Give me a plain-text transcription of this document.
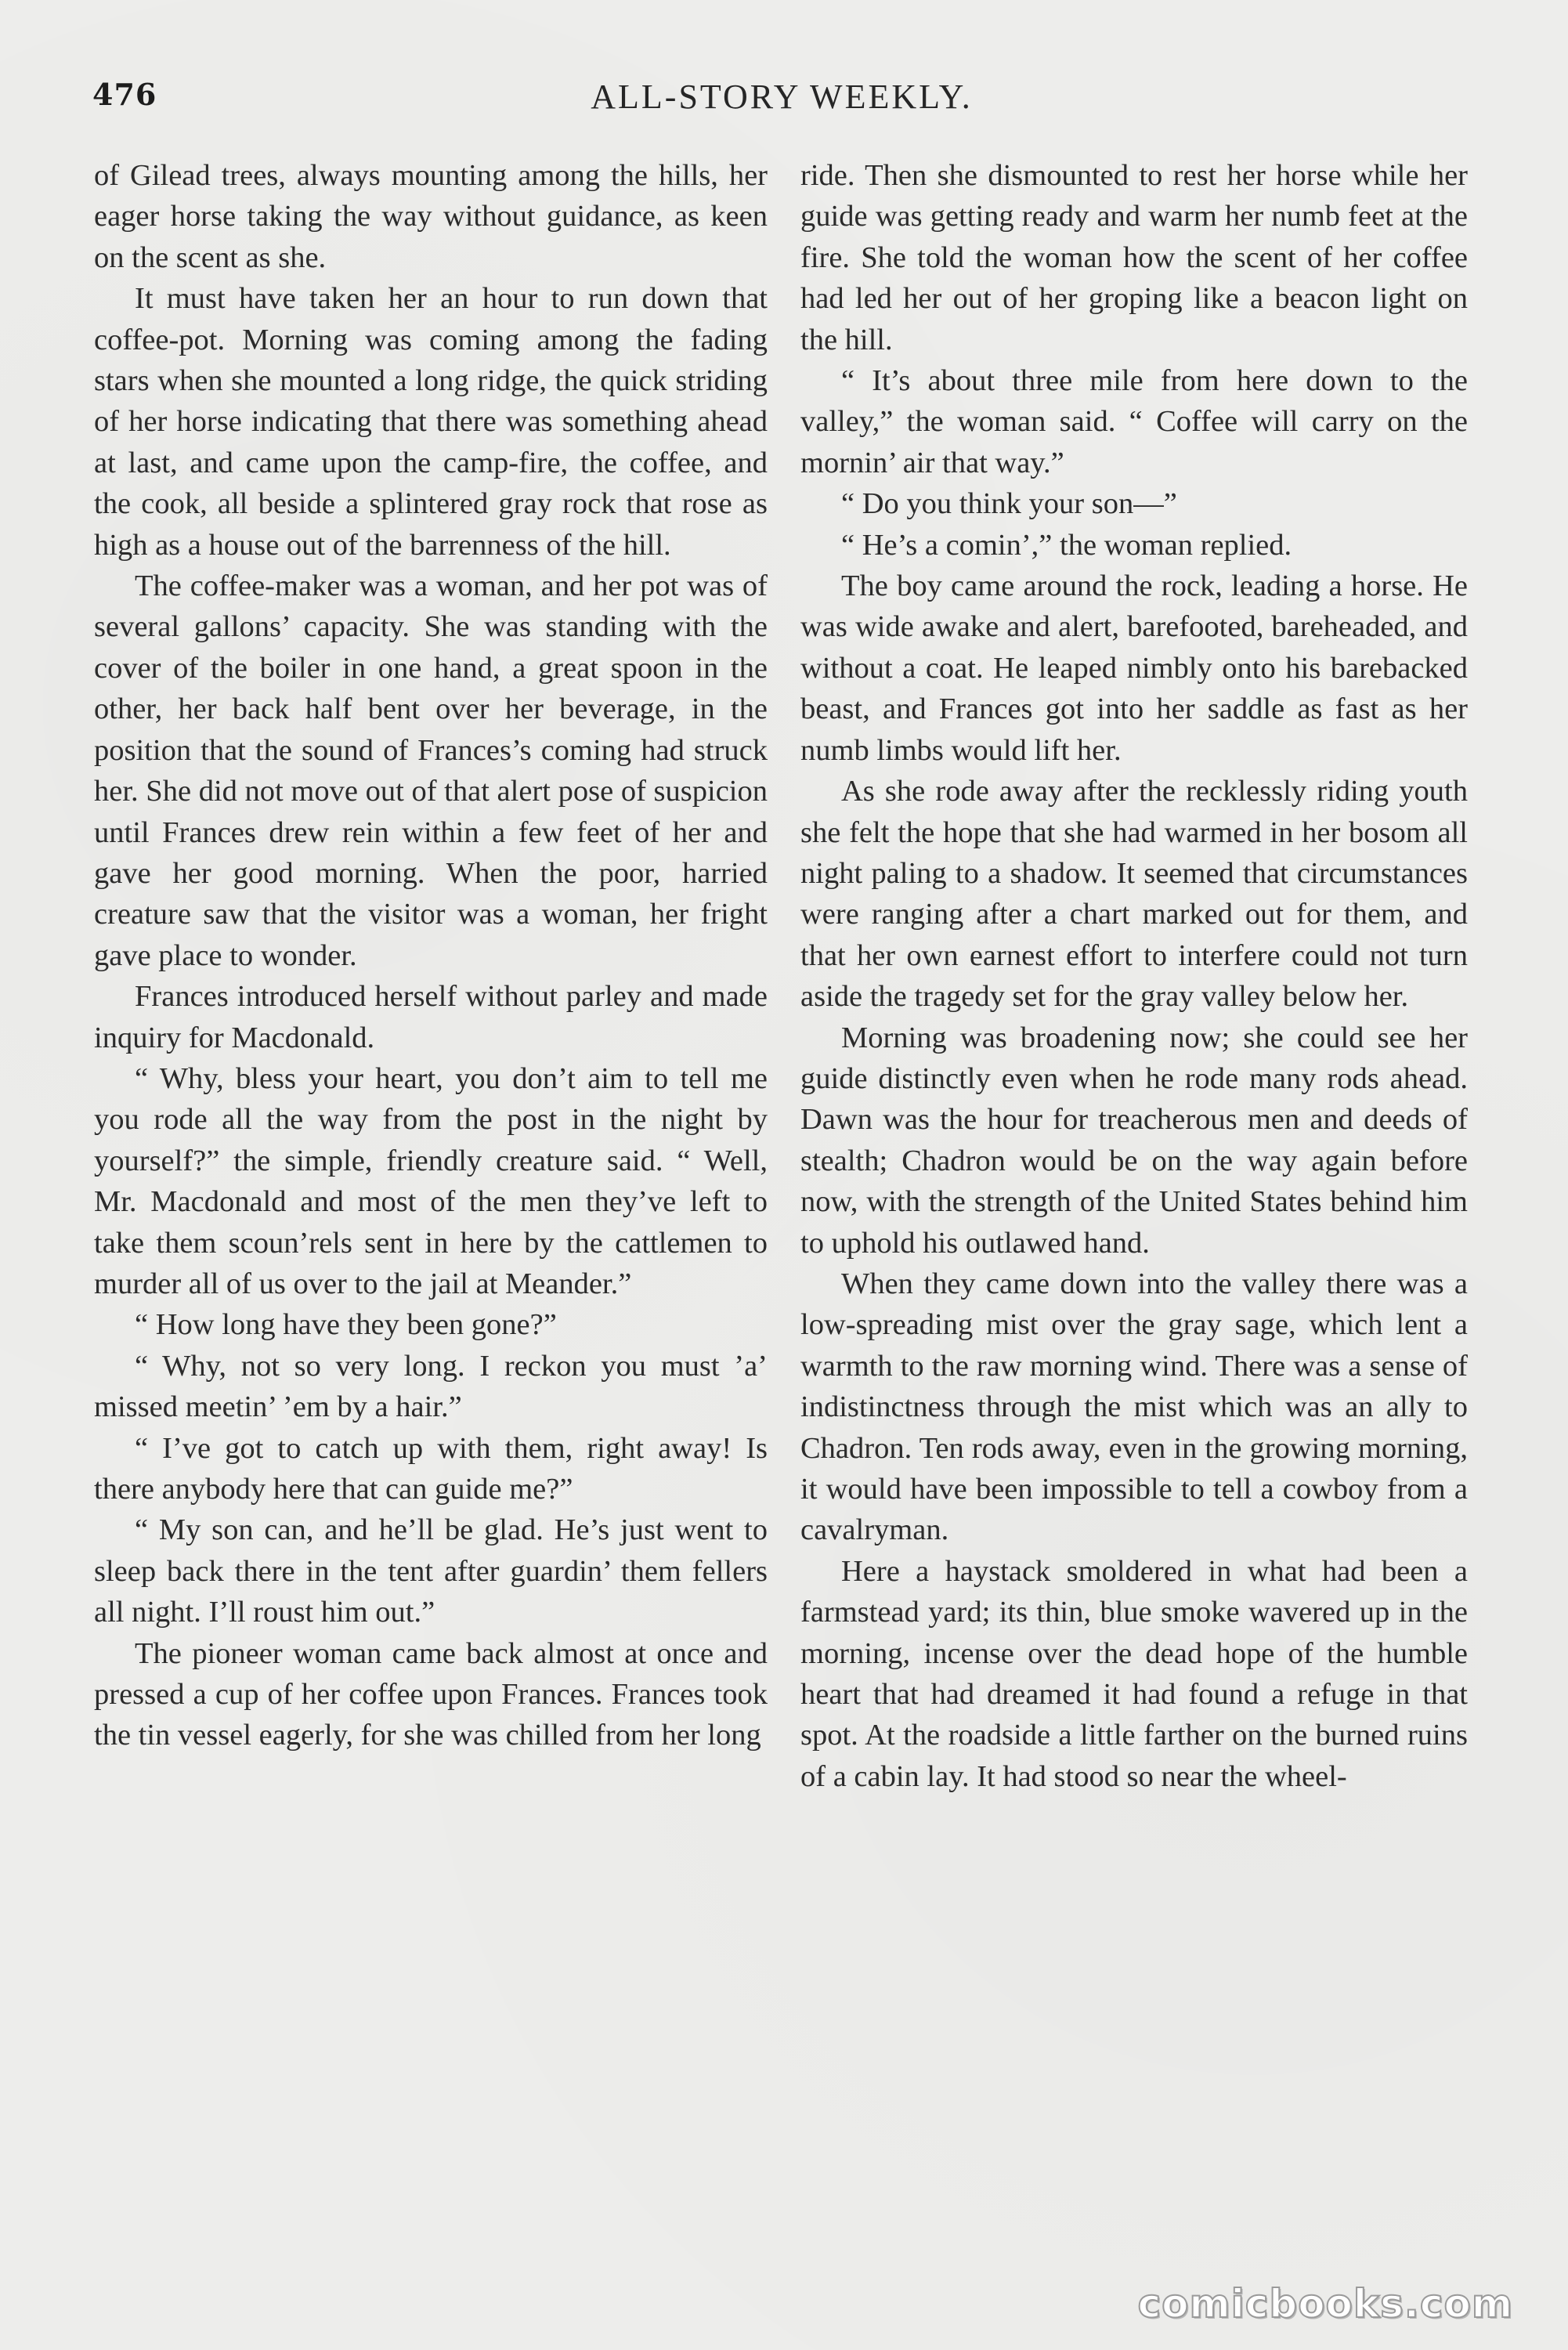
476	ALL-STORY WEEKLY.

of Gilead trees, always mounting among the hills, her eager horse taking the way without guidance, as keen on the scent as she.

It must have taken her an hour to run down that coffee-pot. Morning was coming among the fading stars when she mounted a long ridge, the quick striding of her horse indicating that there was something ahead at last, and came upon the camp-fire, the coffee, and the cook, all beside a splintered gray rock that rose as high as a house out of the barrenness of the hill.

The coffee-maker was a woman, and her pot was of several gallons’ capacity. She was standing with the cover of the boiler in one hand, a great spoon in the other, her back half bent over her beverage, in the position that the sound of Frances’s coming had struck her. She did not move out of that alert pose of suspicion until Frances drew rein within a few feet of her and gave her good morning. When the poor, harried creature saw that the visitor was a woman, her fright gave place to wonder.

Frances introduced herself without parley and made inquiry for Macdonald.

“ Why, bless your heart, you don’t aim to tell me you rode all the way from the post in the night by yourself?” the simple, friendly creature said. “ Well, Mr. Macdonald and most of the men they’ve left to take them scoun’rels sent in here by the cattlemen to murder all of us over to the jail at Meander.”

“ How long have they been gone?”

“ Why, not so very long. I reckon you must ’a’ missed meetin’ ’em by a hair.”

“ I’ve got to catch up with them, right away! Is there anybody here that can guide me?”

“ My son can, and he’ll be glad. He’s just went to sleep back there in the tent after guardin’ them fellers all night. I’ll roust him out.”

The pioneer woman came back almost at once and pressed a cup of her coffee upon Frances. Frances took the tin vessel eagerly, for she was chilled from her long

ride. Then she dismounted to rest her horse while her guide was getting ready and warm her numb feet at the fire. She told the woman how the scent of her coffee had led her out of her groping like a beacon light on the hill.

“ It’s about three mile from here down to the valley,” the woman said. “ Coffee will carry on the mornin’ air that way.”

“ Do you think your son—”

“ He’s a comin’,” the woman replied.

The boy came around the rock, leading a horse. He was wide awake and alert, barefooted, bareheaded, and without a coat. He leaped nimbly onto his barebacked beast, and Frances got into her saddle as fast as her numb limbs would lift her.

As she rode away after the recklessly riding youth she felt the hope that she had warmed in her bosom all night paling to a shadow. It seemed that circumstances were ranging after a chart marked out for them, and that her own earnest effort to interfere could not turn aside the tragedy set for the gray valley below her.

Morning was broadening now; she could see her guide distinctly even when he rode many rods ahead. Dawn was the hour for treacherous men and deeds of stealth; Chadron would be on the way again before now, with the strength of the United States behind him to uphold his outlawed hand.

When they came down into the valley there was a low-spreading mist over the gray sage, which lent a warmth to the raw morning wind. There was a sense of indistinctness through the mist which was an ally to Chadron. Ten rods away, even in the growing morning, it would have been impossible to tell a cowboy from a cavalryman.

Here a haystack smoldered in what had been a farmstead yard; its thin, blue smoke wavered up in the morning, incense over the dead hope of the humble heart that had dreamed it had found a refuge in that spot. At the roadside a little farther on the burned ruins of a cabin lay. It had stood so near the wheel-

comicbooks.com
